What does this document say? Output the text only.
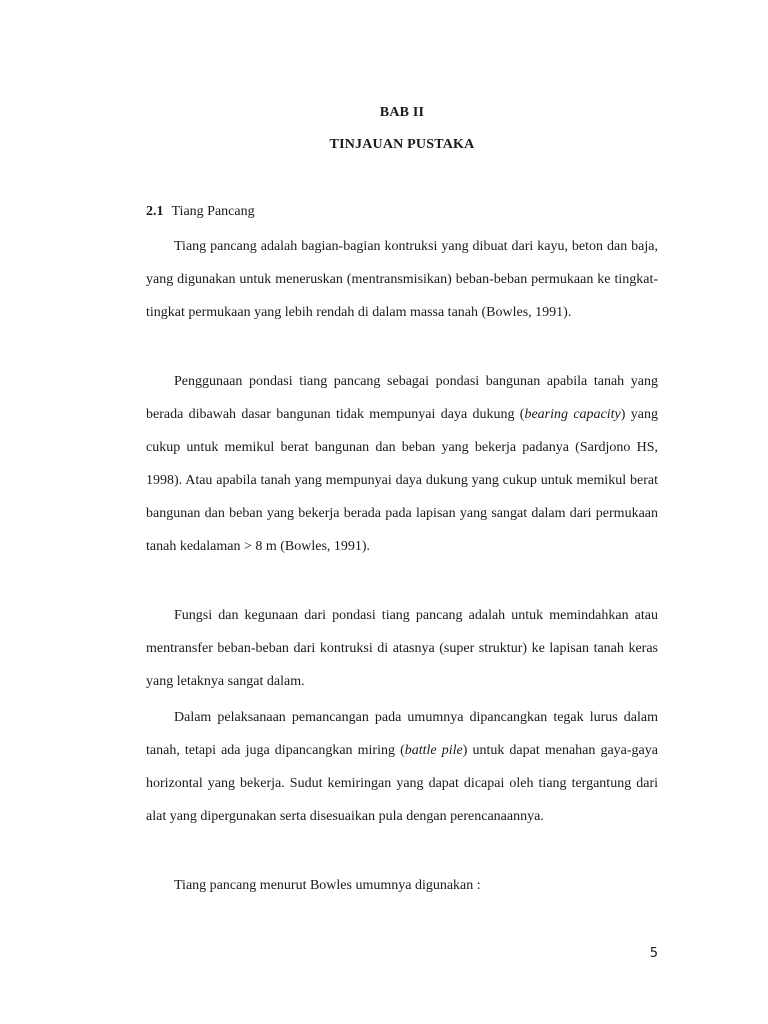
BAB II
TINJAUAN PUSTAKA
2.1 Tiang Pancang

Tiang pancang adalah bagian-bagian kontruksi yang dibuat dari kayu, beton dan baja, yang digunakan untuk meneruskan (mentransmisikan) beban-beban permukaan ke tingkat-tingkat permukaan yang lebih rendah di dalam massa tanah (Bowles, 1991).

Penggunaan pondasi tiang pancang sebagai pondasi bangunan apabila tanah yang berada dibawah dasar bangunan tidak mempunyai daya dukung (bearing capacity) yang cukup untuk memikul berat bangunan dan beban yang bekerja padanya (Sardjono HS, 1998). Atau apabila tanah yang mempunyai daya dukung yang cukup untuk memikul berat bangunan dan beban yang bekerja berada pada lapisan yang sangat dalam dari permukaan tanah kedalaman > 8 m (Bowles, 1991).

Fungsi dan kegunaan dari pondasi tiang pancang adalah untuk memindahkan atau mentransfer beban-beban dari kontruksi di atasnya (super struktur) ke lapisan tanah keras yang letaknya sangat dalam.

Dalam pelaksanaan pemancangan pada umumnya dipancangkan tegak lurus dalam tanah, tetapi ada juga dipancangkan miring (battle pile) untuk dapat menahan gaya-gaya horizontal yang bekerja. Sudut kemiringan yang dapat dicapai oleh tiang tergantung dari alat yang dipergunakan serta disesuaikan pula dengan perencanaannya.

Tiang pancang menurut Bowles umumnya digunakan :

5
